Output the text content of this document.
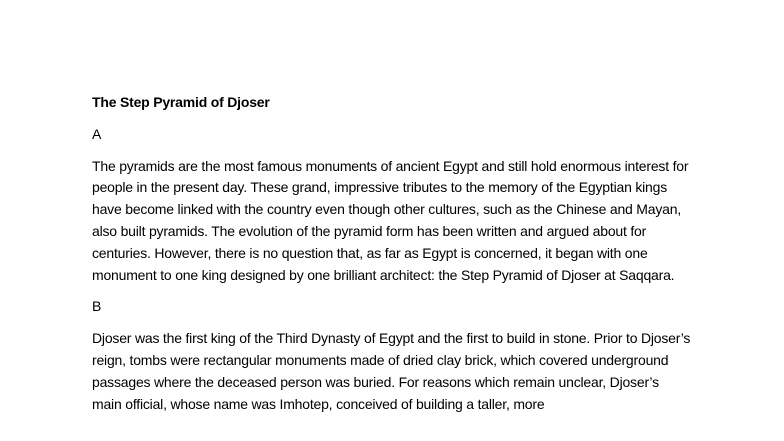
The Step Pyramid of Djoser
A
The pyramids are the most famous monuments of ancient Egypt and still hold enormous interest for people in the present day. These grand, impressive tributes to the memory of the Egyptian kings have become linked with the country even though other cultures, such as the Chinese and Mayan, also built pyramids. The evolution of the pyramid form has been written and argued about for centuries. However, there is no question that, as far as Egypt is concerned, it began with one monument to one king designed by one brilliant architect: the Step Pyramid of Djoser at Saqqara.
B
Djoser was the first king of the Third Dynasty of Egypt and the first to build in stone. Prior to Djoser’s reign, tombs were rectangular monuments made of dried clay brick, which covered underground passages where the deceased person was buried. For reasons which remain unclear, Djoser’s main official, whose name was Imhotep, conceived of building a taller, more
